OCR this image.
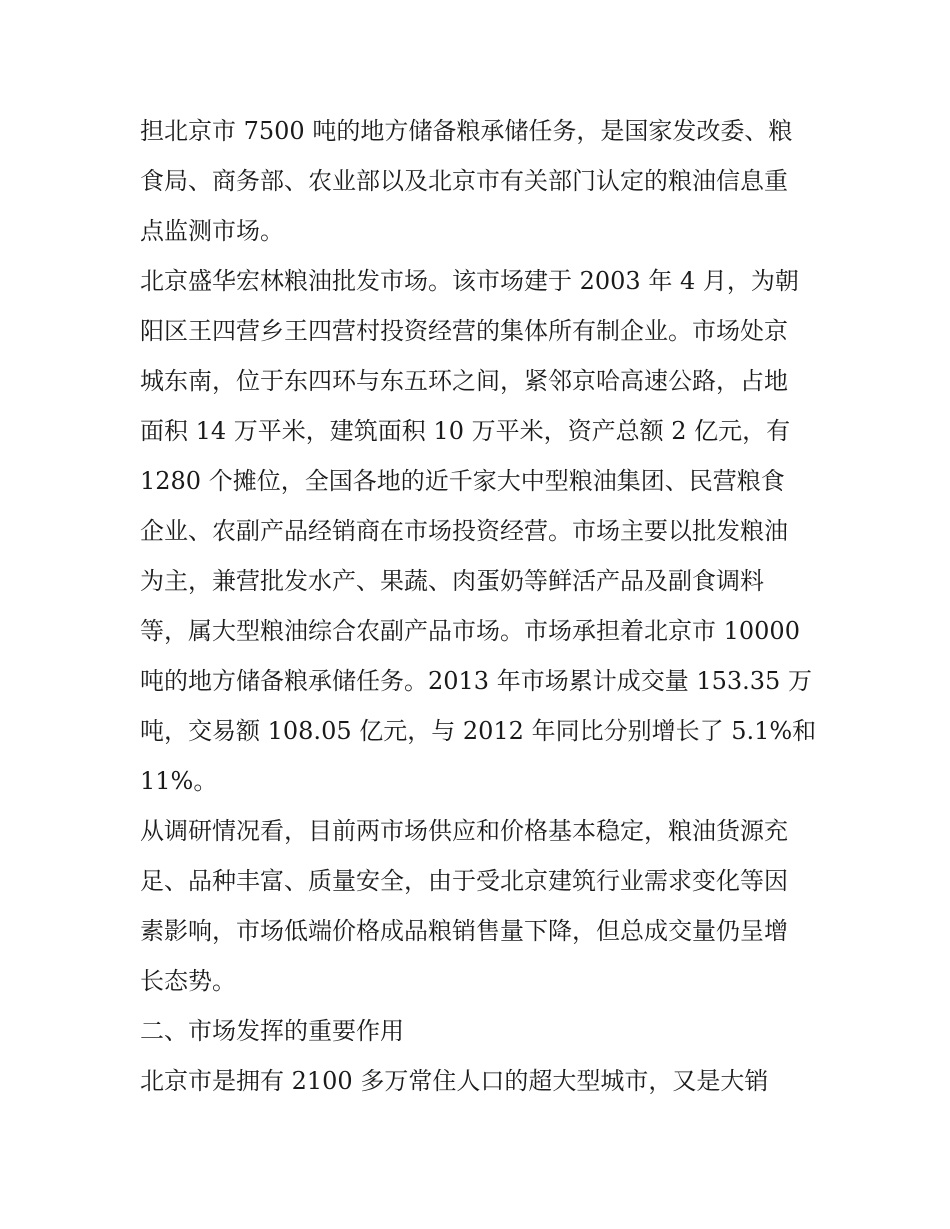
担北京市 7500 吨的地方储备粮承储任务，是国家发改委、粮
食局、商务部、农业部以及北京市有关部门认定的粮油信息重
点监测市场。
北京盛华宏林粮油批发市场。该市场建于 2003 年 4 月，为朝
阳区王四营乡王四营村投资经营的集体所有制企业。市场处京
城东南，位于东四环与东五环之间，紧邻京哈高速公路，占地
面积 14 万平米，建筑面积 10 万平米，资产总额 2 亿元，有
1280 个摊位，全国各地的近千家大中型粮油集团、民营粮食
企业、农副产品经销商在市场投资经营。市场主要以批发粮油
为主，兼营批发水产、果蔬、肉蛋奶等鲜活产品及副食调料
等，属大型粮油综合农副产品市场。市场承担着北京市 10000
吨的地方储备粮承储任务。2013 年市场累计成交量 153.35 万
吨，交易额 108.05 亿元，与 2012 年同比分别增长了 5.1%和
11%。
从调研情况看，目前两市场供应和价格基本稳定，粮油货源充
足、品种丰富、质量安全，由于受北京建筑行业需求变化等因
素影响，市场低端价格成品粮销售量下降，但总成交量仍呈增
长态势。
二、市场发挥的重要作用
北京市是拥有 2100 多万常住人口的超大型城市，又是大销
